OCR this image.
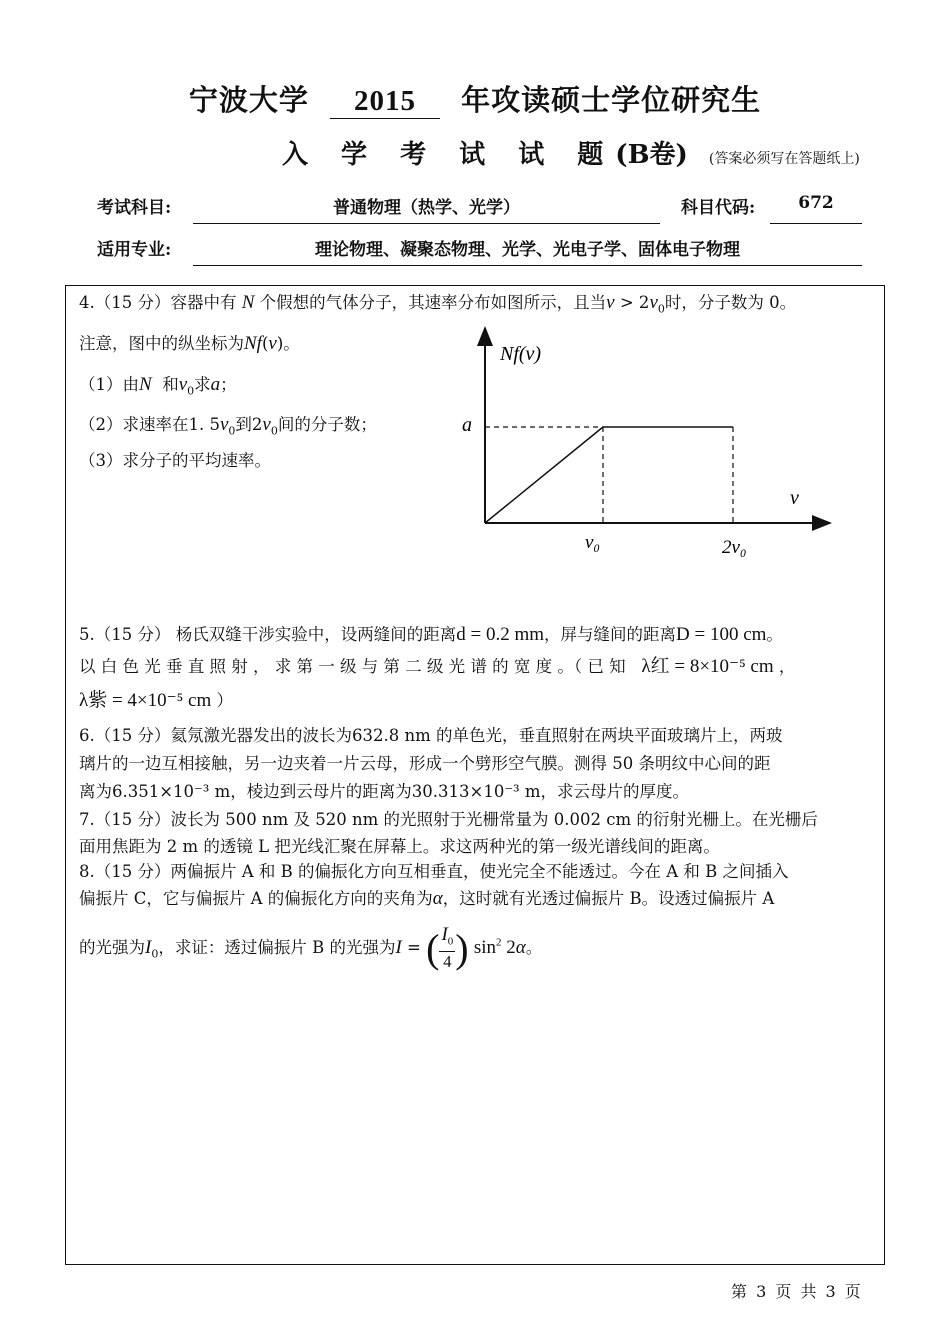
宁波大学 2015 年攻读硕士学位研究生
入 学 考 试 试 题(B卷) (答案必须写在答题纸上)
考试科目:	普通物理（热学、光学）	科目代码:	672
适用专业:	理论物理、凝聚态物理、光学、光电子学、固体电子物理
4.（15 分）容器中有 N 个假想的气体分子，其速率分布如图所示，且当$v > 2v_0$时，分子数为 0。
注意，图中的纵坐标为Nf(v)。
（1）由N 和$v_0$求a；
（2）求速率在1. $5v_0$到$2v_0$间的分子数；
（3）求分子的平均速率。
Nf(v)
v
a
v₀	2v₀
5.（15 分） 杨氏双缝干涉实验中，设两缝间的距离d = 0.2 mm，屏与缝间的距离D = 100 cm。
以 白 色 光 垂 直 照 射 ， 求 第 一 级 与 第 二 级 光 谱 的 宽 度 。（ 已 知 λ红 = 8×10⁻⁵ cm ，
λ紫 = 4×10⁻⁵ cm ）
6.（15 分）氦氖激光器发出的波长为632.8 nm 的单色光，垂直照射在两块平面玻璃片上，两玻
璃片的一边互相接触，另一边夹着一片云母，形成一个劈形空气膜。测得 50 条明纹中心间的距
离为6.351×10⁻³ m，棱边到云母片的距离为30.313×10⁻³ m，求云母片的厚度。
7.（15 分）波长为 500 nm 及 520 nm 的光照射于光栅常量为 0.002 cm 的衍射光栅上。在光栅后
面用焦距为 2 m 的透镜 L 把光线汇聚在屏幕上。求这两种光的第一级光谱线间的距离。
8.（15 分）两偏振片 A 和 B 的偏振化方向互相垂直，使光完全不能透过。今在 A 和 B 之间插入
偏振片 C，它与偏振片 A 的偏振化方向的夹角为α，这时就有光透过偏振片 B。设透过偏振片 A
的光强为$I_0$，求证：透过偏振片 B 的光强为I = ( $\frac{I_0}{4}$ ) $\sin^2 2\alpha$。
第 3 页 共 3 页
